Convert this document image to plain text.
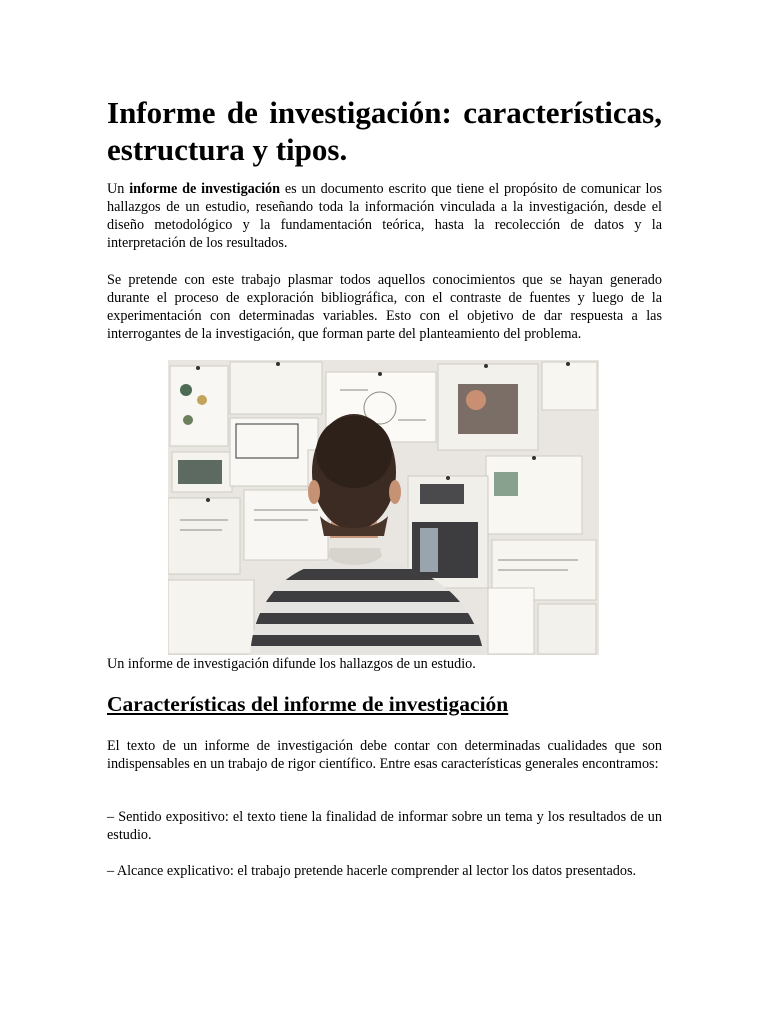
Informe de investigación: características, estructura y tipos.

Un informe de investigación es un documento escrito que tiene el propósito de comunicar los hallazgos de un estudio, reseñando toda la información vinculada a la investigación, desde el diseño metodológico y la fundamentación teórica, hasta la recolección de datos y la interpretación de los resultados.

Se pretende con este trabajo plasmar todos aquellos conocimientos que se hayan generado durante el proceso de exploración bibliográfica, con el contraste de fuentes y luego de la experimentación con determinadas variables. Esto con el objetivo de dar respuesta a las interrogantes de la investigación, que forman parte del planteamiento del problema.

Un informe de investigación difunde los hallazgos de un estudio.

Características del informe de investigación

El texto de un informe de investigación debe contar con determinadas cualidades que son indispensables en un trabajo de rigor científico. Entre esas características generales encontramos:

– Sentido expositivo: el texto tiene la finalidad de informar sobre un tema y los resultados de un estudio.

– Alcance explicativo: el trabajo pretende hacerle comprender al lector los datos presentados.
